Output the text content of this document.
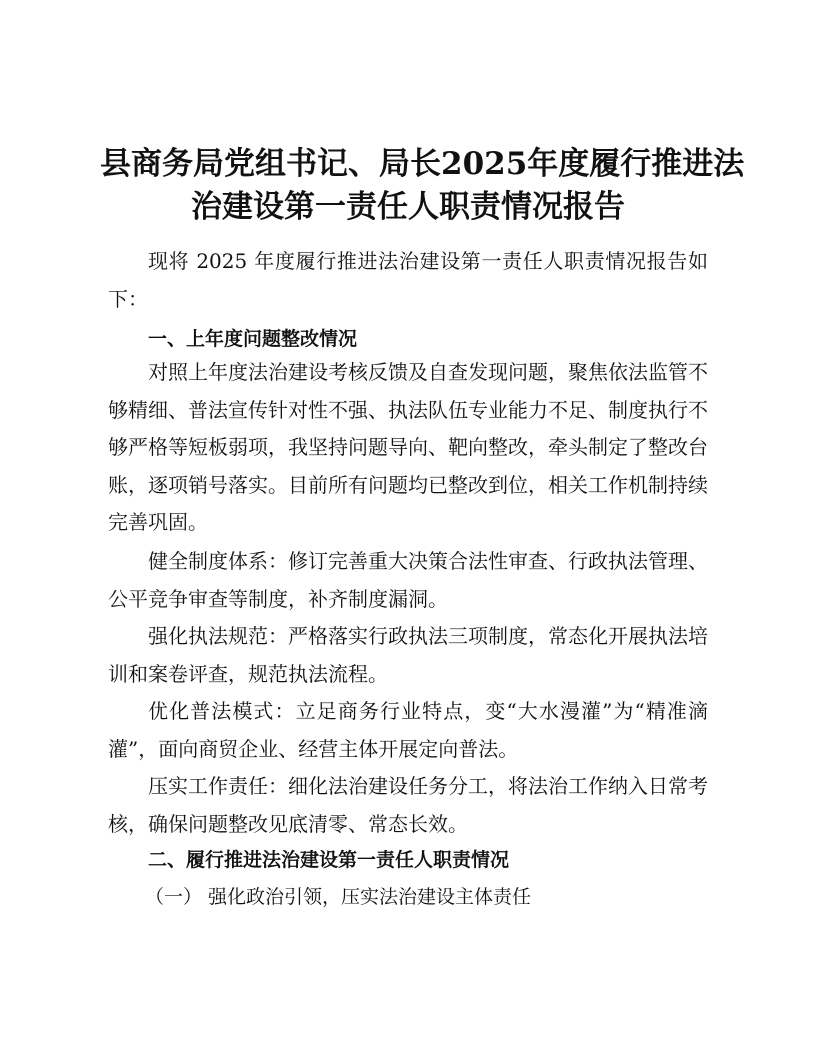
县商务局党组书记、局长2025年度履行推进法
治建设第一责任人职责情况报告

现将 2025 年度履行推进法治建设第一责任人职责情况报告如下：

一、上年度问题整改情况

对照上年度法治建设考核反馈及自查发现问题，聚焦依法监管不够精细、普法宣传针对性不强、执法队伍专业能力不足、制度执行不够严格等短板弱项，我坚持问题导向、靶向整改，牵头制定了整改台账，逐项销号落实。目前所有问题均已整改到位，相关工作机制持续完善巩固。

健全制度体系：修订完善重大决策合法性审查、行政执法管理、公平竞争审查等制度，补齐制度漏洞。

强化执法规范：严格落实行政执法三项制度，常态化开展执法培训和案卷评查，规范执法流程。

优化普法模式：立足商务行业特点，变“大水漫灌”为“精准滴灌”，面向商贸企业、经营主体开展定向普法。

压实工作责任：细化法治建设任务分工，将法治工作纳入日常考核，确保问题整改见底清零、常态长效。

二、履行推进法治建设第一责任人职责情况

（一） 强化政治引领，压实法治建设主体责任
